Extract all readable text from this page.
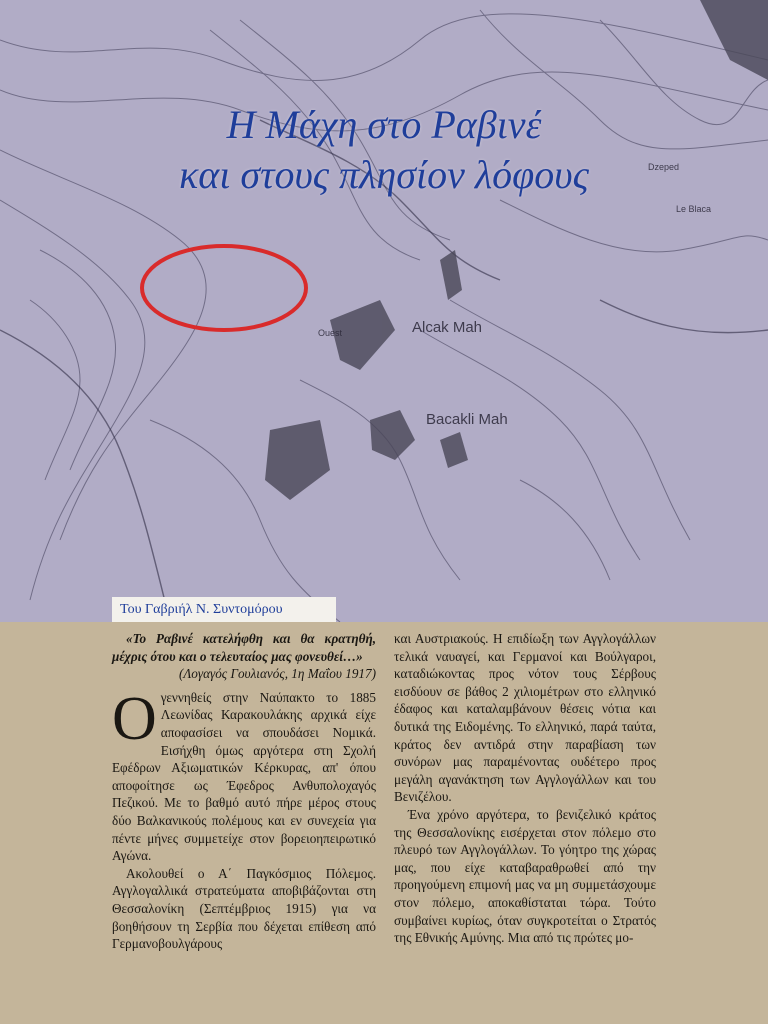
Alcak Mah
Bacakli Mah
Dzeped
Le Blaca
Ouest
Η Μάχη στο Ραβινέ
και στους πλησίον λόφους
Του Γαβριήλ Ν. Συντομόρου

«Το Ραβινέ κατελήφθη και θα κρατηθή, μέχρις ότου και ο τελευταίος μας φονευθεί…»

(Λογαγός Γουλιανός, 1η Μαΐου 1917)

Ο γεννηθείς στην Ναύπακτο το 1885 Λεωνίδας Καρακουλάκης αρχικά είχε αποφασίσει να σπουδάσει Νομικά. Εισήχθη όμως αργότερα στη Σχολή Εφέδρων Αξιωματικών Κέρκυρας, απ' όπου αποφοίτησε ως Έφεδρος Ανθυπολοχαγός Πεζικού. Με το βαθμό αυτό πήρε μέρος στους δύο Βαλκανικούς πολέμους και εν συνεχεία για πέντε μήνες συμμετείχε στον βορειοηπειρωτικό Αγώνα.

Ακολουθεί ο Α΄ Παγκόσμιος Πόλεμος. Αγγλογαλλικά στρατεύματα αποβιβάζονται στη Θεσσαλονίκη (Σεπτέμβριος 1915) για να βοηθήσουν τη Σερβία που δέχεται επίθεση από Γερμανοβουλγάρους

και Αυστριακούς. Η επιδίωξη των Αγγλογάλλων τελικά ναυαγεί, και Γερμανοί και Βούλγαροι, καταδιώκοντας προς νότον τους Σέρβους εισδύουν σε βάθος 2 χιλιομέτρων στο ελληνικό έδαφος και καταλαμβάνουν θέσεις νότια και δυτικά της Ειδομένης. Το ελληνικό, παρά ταύτα, κράτος δεν αντιδρά στην παραβίαση των συνόρων μας παραμένοντας ουδέτερο προς μεγάλη αγανάκτηση των Αγγλογάλλων και του Βενιζέλου.

Ένα χρόνο αργότερα, το βενιζελικό κράτος της Θεσσαλονίκης εισέρχεται στον πόλεμο στο πλευρό των Αγγλογάλλων. Το γόητρο της χώρας μας, που είχε καταβαραθρωθεί από την προηγούμενη επιμονή μας να μη συμμετάσχουμε στον πόλεμο, αποκαθίσταται τώρα. Τούτο συμβαίνει κυρίως, όταν συγκροτείται ο Στρατός της Εθνικής Αμύνης. Μια από τις πρώτες μο-
